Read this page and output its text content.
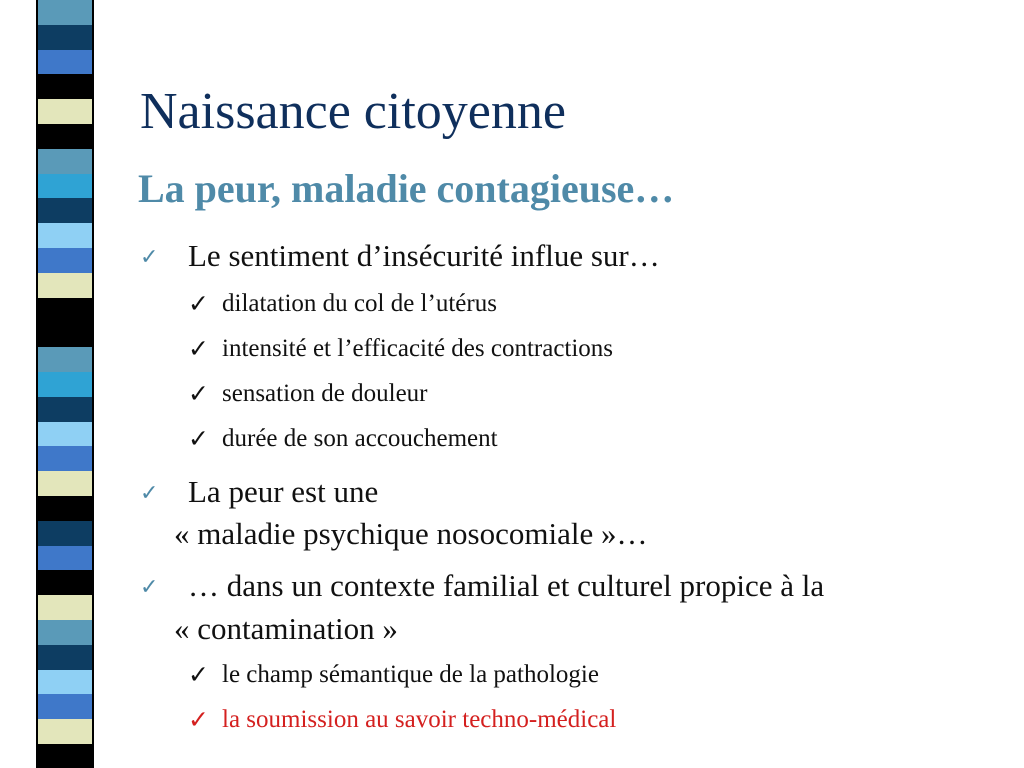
Naissance citoyenne
La peur, maladie contagieuse…
✓ Le sentiment d’insécurité influe sur…
✓ dilatation du col de l’utérus
✓ intensité et l’efficacité des contractions
✓ sensation de douleur
✓ durée de son accouchement
✓ La peur est une
« maladie psychique nosocomiale »…
✓ … dans un contexte familial et culturel propice à la
« contamination »
✓ le champ sémantique de la pathologie
✓ la soumission au savoir techno-médical
